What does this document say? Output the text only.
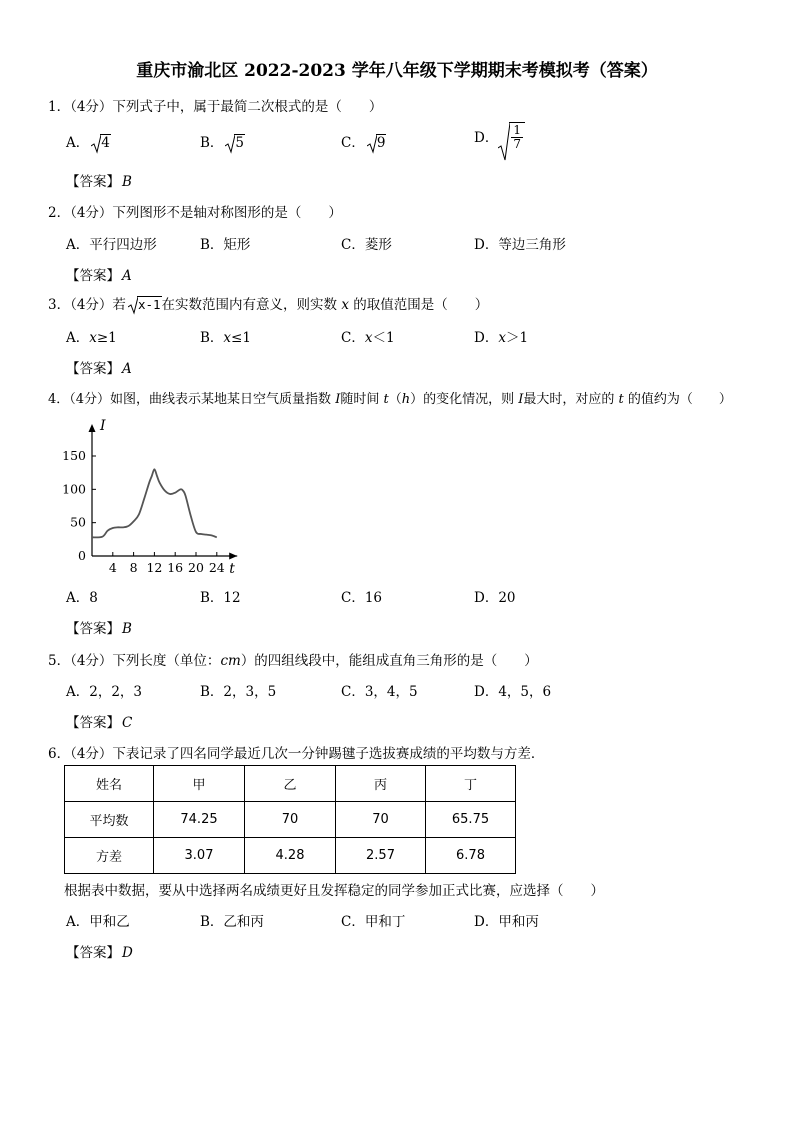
重庆市渝北区 2022-2023 学年八年级下学期期末考模拟考（答案）
1．（4分）下列式子中，属于最简二次根式的是（　　）
A． 4	B． 5	C． 9	D． $\frac{1}{7}$
【答案】 B
2．（4分）下列图形不是轴对称图形的是（　　）
A．平行四边形	B．矩形	C．菱形	D．等边三角形
【答案】 A
3．（4分）若 x-1在实数范围内有意义，则实数 x 的取值范围是（　　）
A．x≥1	B．x≤1	C．x＜1	D．x＞1
【答案】 A
4．（4分）如图，曲线表示某地某日空气质量指数 I随时间 t（h）的变化情况，则 I最大时，对应的 t 的值约为（　　）
t
I
4 8 12 16 20 24
0
50
100
150
A．8	B．12	C．16	D．20
【答案】 B
5．（4分）下列长度（单位：cm）的四组线段中，能组成直角三角形的是（　　）
A．2，2，3	B．2，3，5	C．3，4，5	D．4，5，6
【答案】 C
6．（4分）下表记录了四名同学最近几次一分钟踢毽子选拔赛成绩的平均数与方差．
姓名	甲	乙	丙	丁
平均数	74.25	70	70	65.75
方差	3.07	4.28	2.57	6.78
根据表中数据，要从中选择两名成绩更好且发挥稳定的同学参加正式比赛，应选择（　　）
A．甲和乙	B．乙和丙	C．甲和丁	D．甲和丙
【答案】 D
